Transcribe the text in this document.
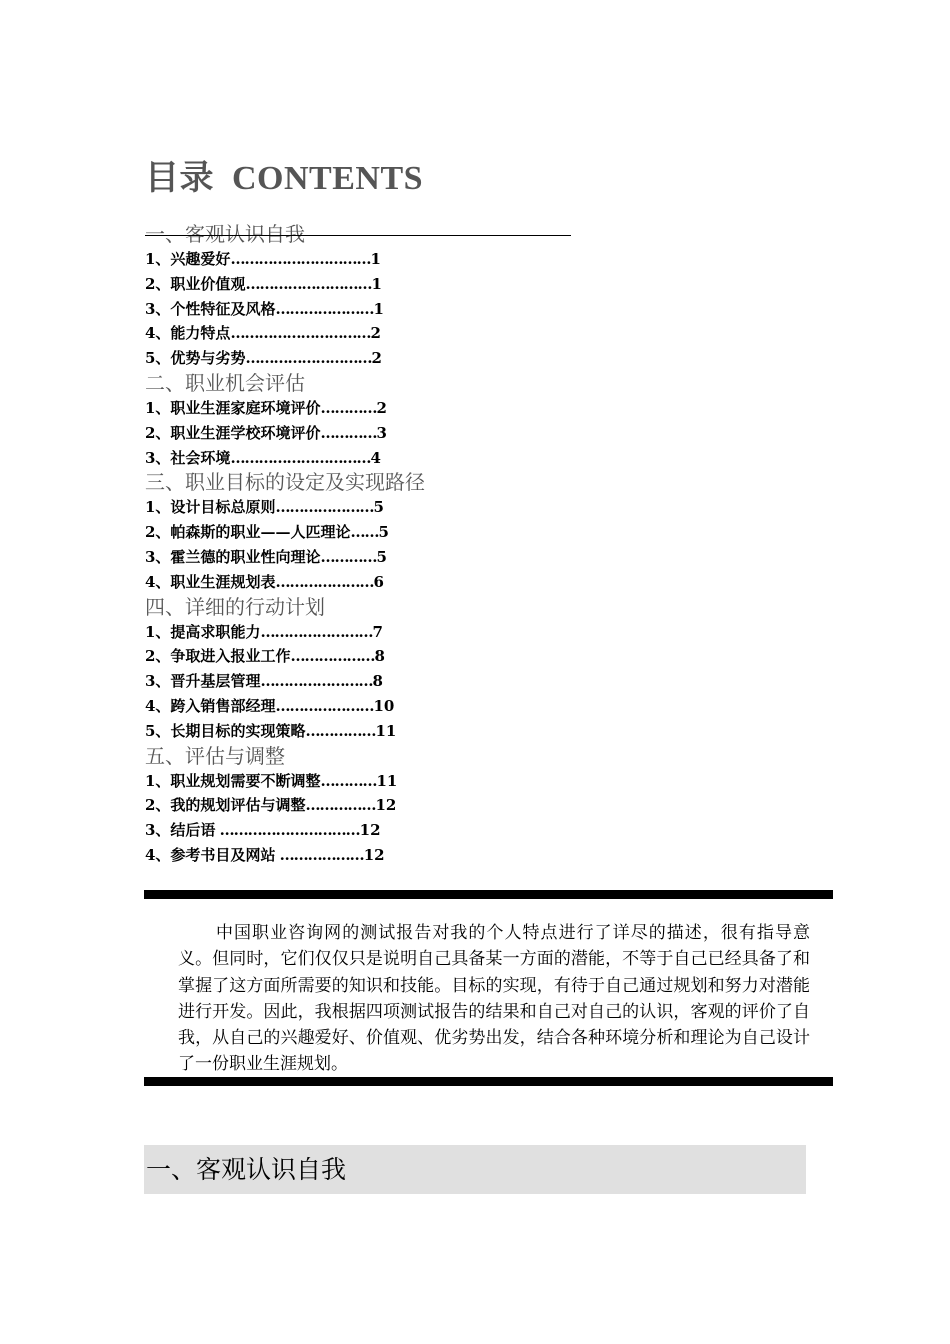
目录 CONTENTS
一、客观认识自我
1、兴趣爱好…………………………1
2、职业价值观………………………1
3、个性特征及风格…………………1
4、能力特点…………………………2
5、优势与劣势………………………2
二、职业机会评估
1、职业生涯家庭环境评价…………2
2、职业生涯学校环境评价…………3
3、社会环境…………………………4
三、职业目标的设定及实现路径
1、设计目标总原则…………………5
2、帕森斯的职业——人匹理论……5
3、霍兰德的职业性向理论…………5
4、职业生涯规划表…………………6
四、详细的行动计划
1、提高求职能力……………………7
2、争取进入报业工作………………8
3、晋升基层管理……………………8
4、跨入销售部经理…………………10
5、长期目标的实现策略……………11
五、评估与调整
1、职业规划需要不断调整…………11
2、我的规划评估与调整……………12
3、结后语 …………………………12
4、参考书目及网站 ………………12
中国职业咨询网的测试报告对我的个人特点进行了详尽的描述，很有指导意义。但同时，它们仅仅只是说明自己具备某一方面的潜能，不等于自己已经具备了和掌握了这方面所需要的知识和技能。目标的实现，有待于自己通过规划和努力对潜能进行开发。因此，我根据四项测试报告的结果和自己对自己的认识，客观的评价了自我，从自己的兴趣爱好、价值观、优劣势出发，结合各种环境分析和理论为自己设计了一份职业生涯规划。
一、客观认识自我
